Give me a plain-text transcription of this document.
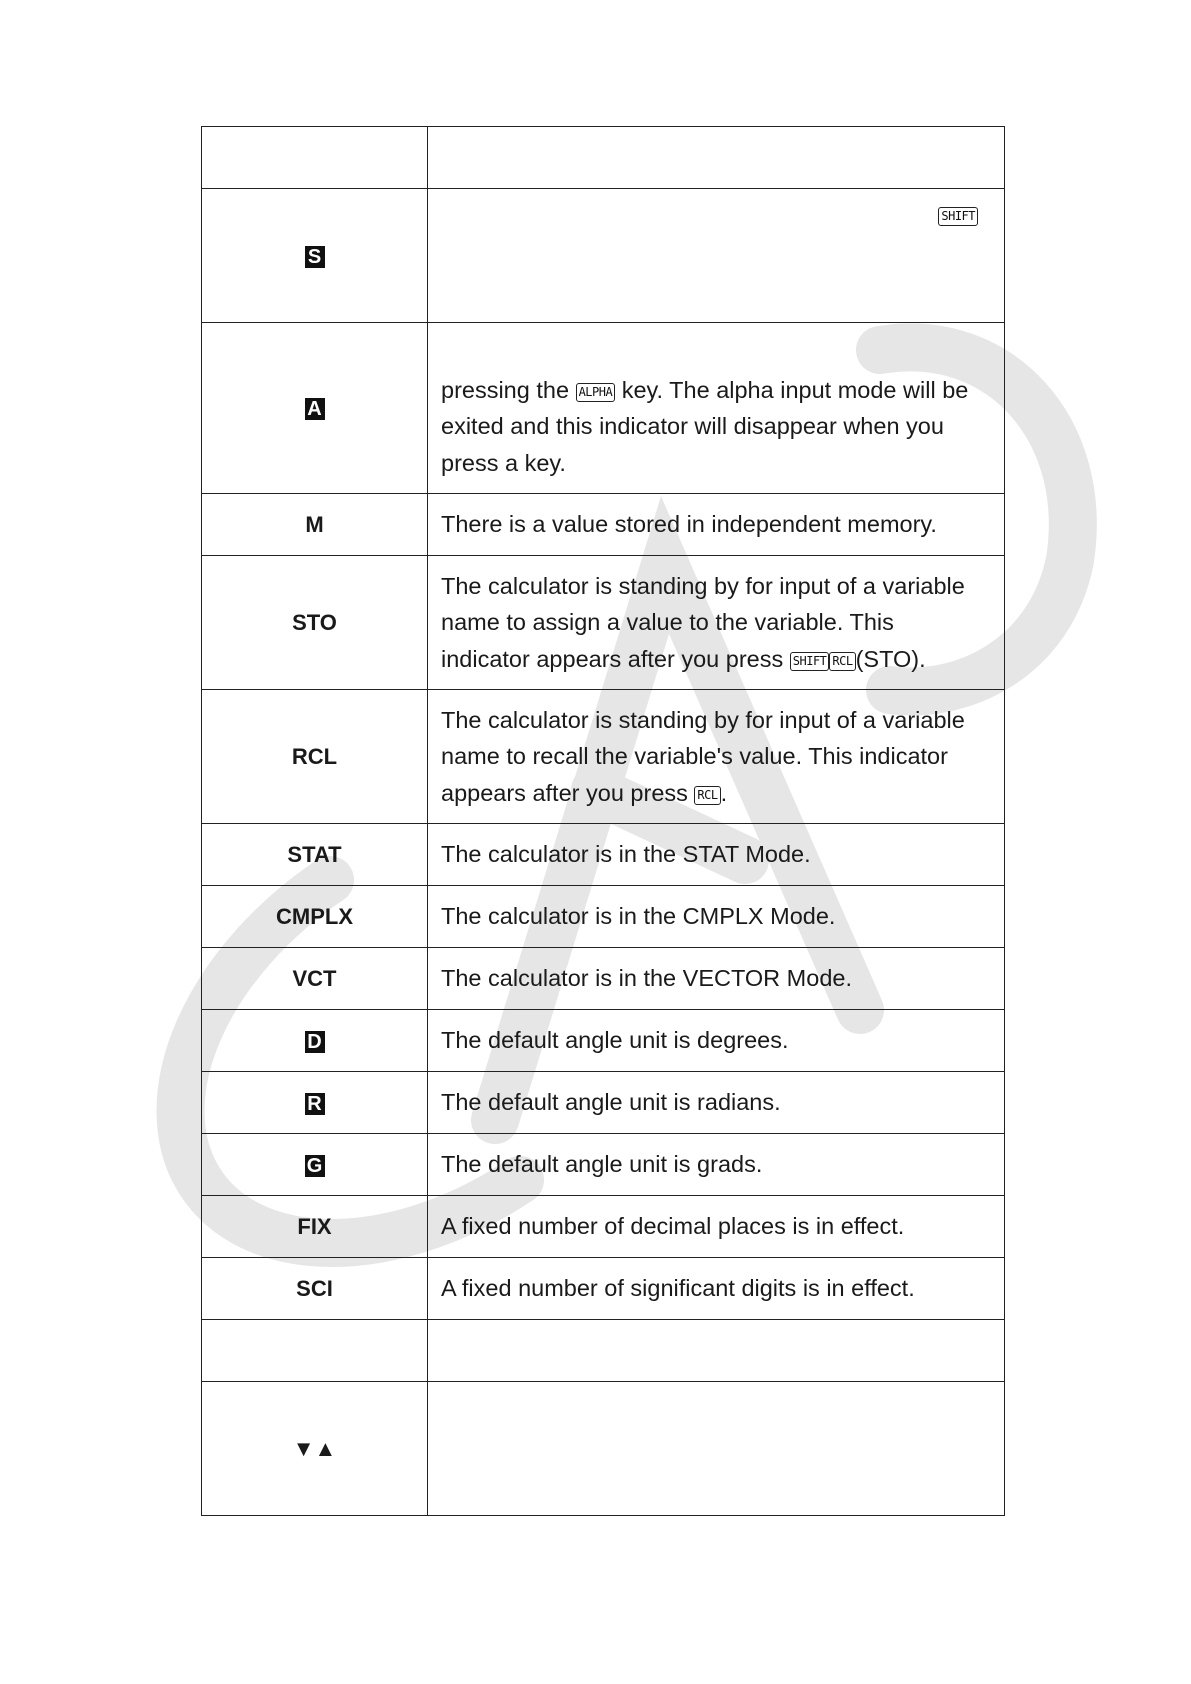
S	SHIFT

A	pressing the ALPHA key. The alpha input mode will be exited and this indicator will disappear when you press a key.
M	There is a value stored in independent memory.
STO	The calculator is standing by for input of a variable name to assign a value to the variable. This indicator appears after you press SHIFT RCL (STO).
RCL	The calculator is standing by for input of a variable name to recall the variable's value. This indicator appears after you press RCL .
STAT	The calculator is in the STAT Mode.
CMPLX	The calculator is in the CMPLX Mode.
VCT	The calculator is in the VECTOR Mode.
D	The default angle unit is degrees.
R	The default angle unit is radians.
G	The default angle unit is grads.
FIX	A fixed number of decimal places is in effect.
SCI	A fixed number of significant digits is in effect.

▼▲	
